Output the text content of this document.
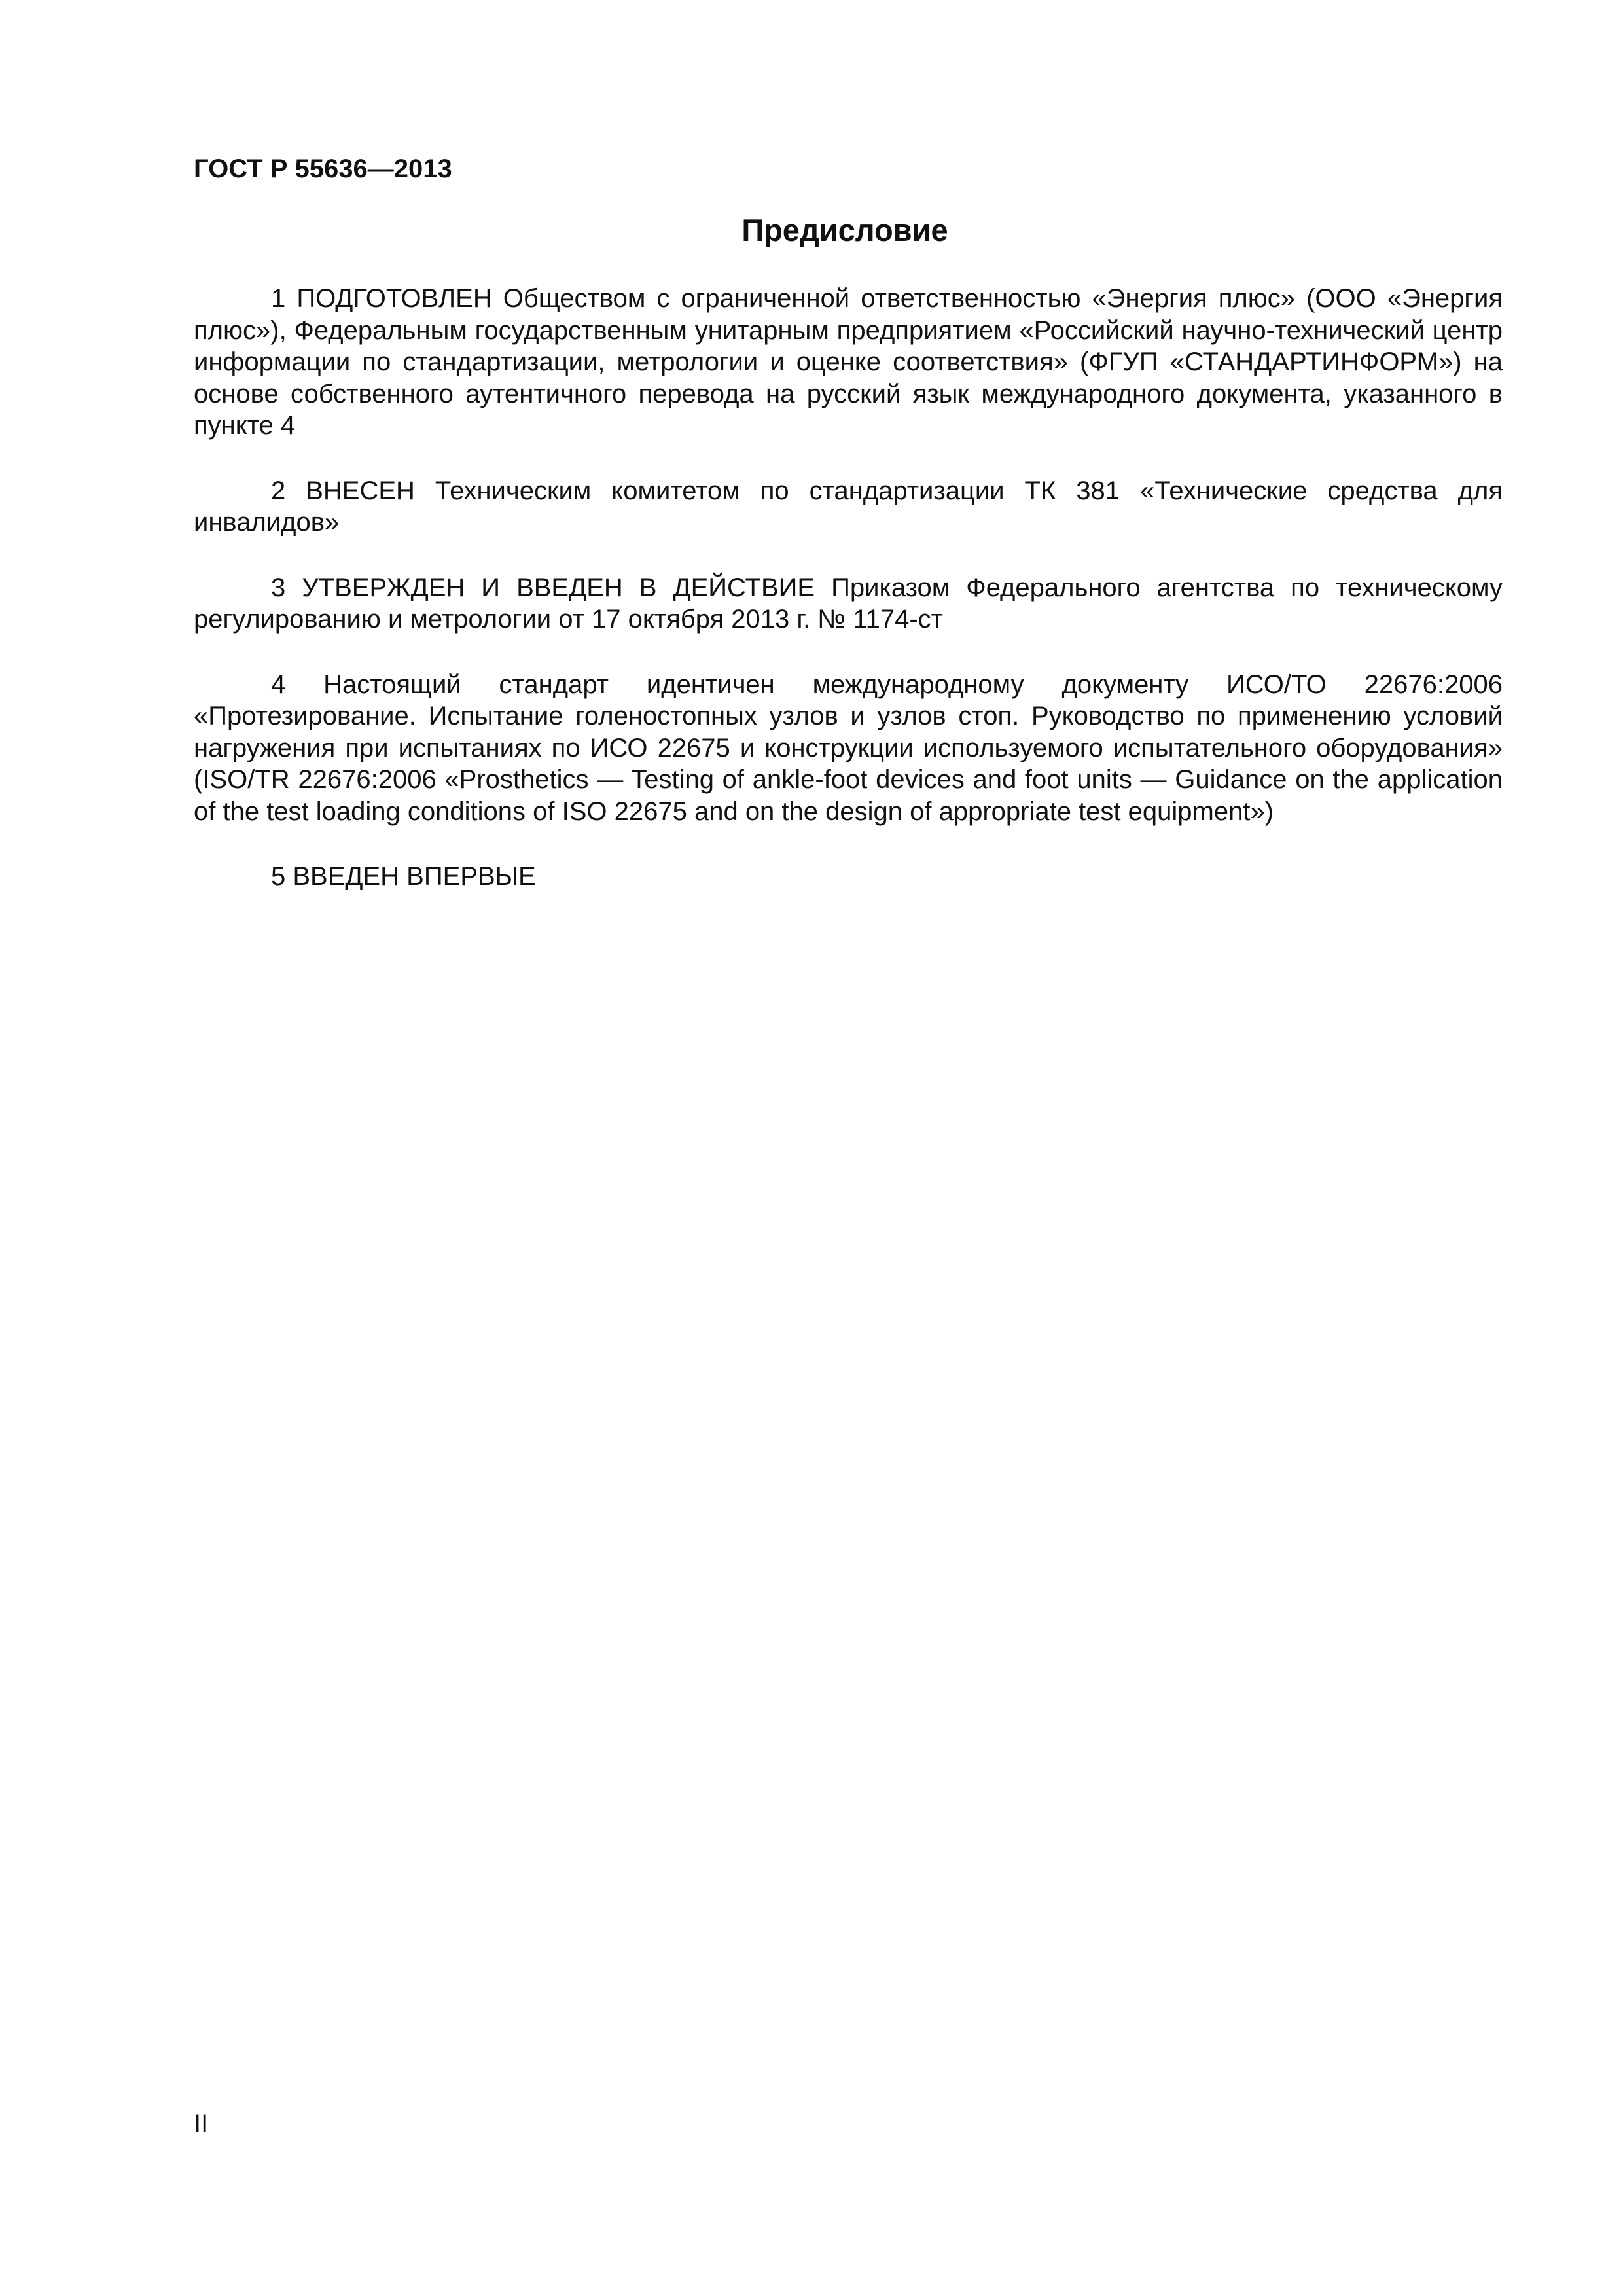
ГОСТ Р 55636—2013
Предисловие

1 ПОДГОТОВЛЕН Обществом с ограниченной ответственностью «Энергия плюс» (ООО «Энергия плюс»), Федеральным государственным унитарным предприятием «Российский научно-технический центр информации по стандартизации, метрологии и оценке соответствия» (ФГУП «СТАНДАРТИНФОРМ») на основе собственного аутентичного перевода на русский язык международного документа, указанного в пункте 4

2 ВНЕСЕН Техническим комитетом по стандартизации ТК 381 «Технические средства для инвалидов»

3 УТВЕРЖДЕН И ВВЕДЕН В ДЕЙСТВИЕ Приказом Федерального агентства по техническому регулированию и метрологии от 17 октября 2013 г. № 1174-ст

4 Настоящий стандарт идентичен международному документу ИСО/ТО 22676:2006 «Протезирование. Испытание голеностопных узлов и узлов стоп. Руководство по применению условий нагружения при испытаниях по ИСО 22675 и конструкции используемого испытательного оборудования» (ISO/TR 22676:2006 «Prosthetics — Testing of ankle-foot devices and foot units — Guidance on the application of the test loading conditions of ISO 22675 and on the design of appropriate test equipment»)

5 ВВЕДЕН ВПЕРВЫЕ

II
